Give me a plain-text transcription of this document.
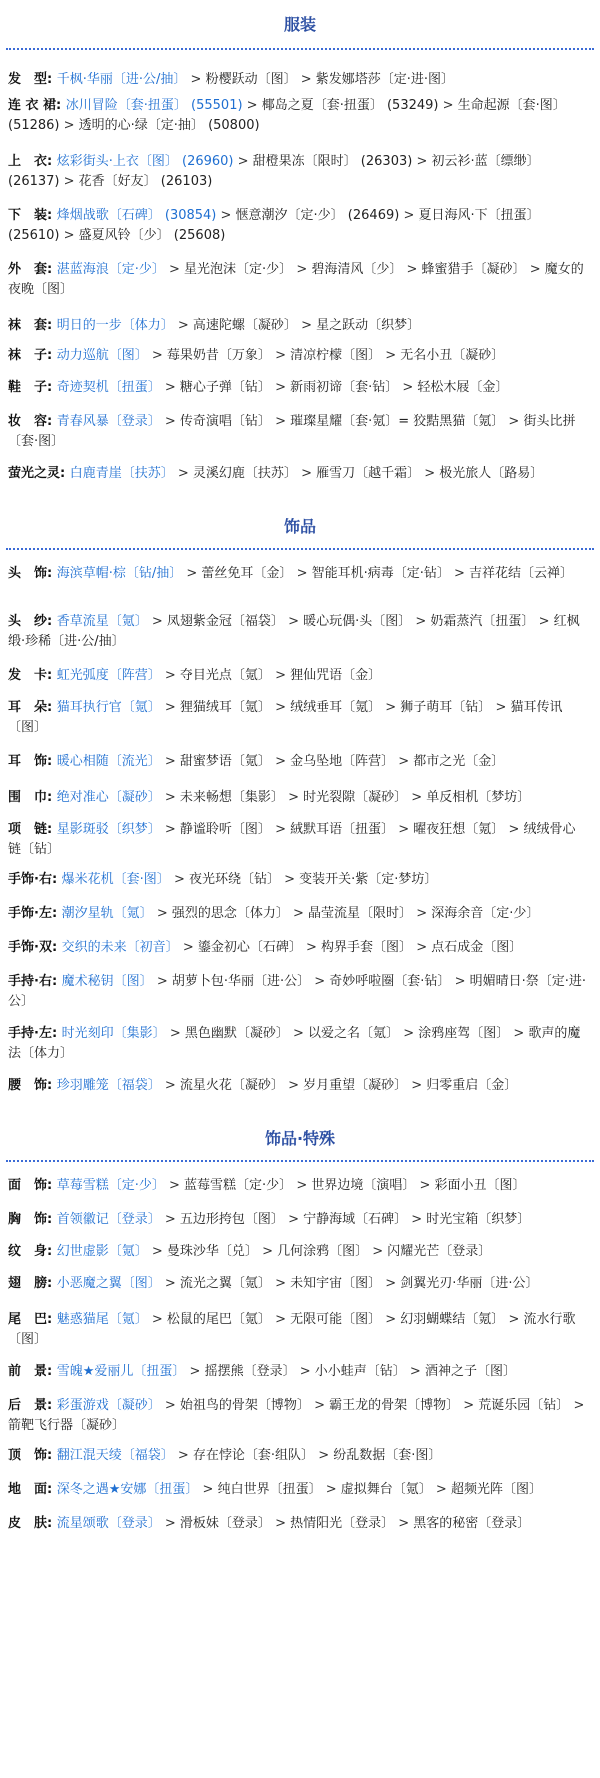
服装
发　型: 千枫·华丽〔进·公/抽〕 > 粉樱跃动〔图〕 > 紫发娜塔莎〔定·进·图〕
连 衣 裙: 冰川冒险〔套·扭蛋〕 (55501) > 椰岛之夏〔套·扭蛋〕 (53249) > 生命起源〔套·图〕 (51286) > 透明的心·绿〔定·抽〕 (50800)
上　衣: 炫彩街头·上衣〔图〕 (26960) > 甜橙果冻〔限时〕 (26303) > 初云衫·蓝〔缥缈〕 (26137) > 花香〔好友〕 (26103)
下　装: 烽烟战歌〔石碑〕 (30854) > 惬意潮汐〔定·少〕 (26469) > 夏日海风·下〔扭蛋〕 (25610) > 盛夏风铃〔少〕 (25608)
外　套: 湛蓝海浪〔定·少〕 > 星光泡沫〔定·少〕 > 碧海清风〔少〕 > 蜂蜜猎手〔凝砂〕 > 魔女的夜晚〔图〕
袜　套: 明日的一步〔体力〕 > 高速陀螺〔凝砂〕 > 星之跃动〔织梦〕
袜　子: 动力巡航〔图〕 > 莓果奶昔〔万象〕 > 清凉柠檬〔图〕 > 无名小丑〔凝砂〕
鞋　子: 奇迹契机〔扭蛋〕 > 糖心子弹〔钻〕 > 新雨初谛〔套·钻〕 > 轻松木屐〔金〕
妆　容: 青春风暴〔登录〕 > 传奇演唱〔钻〕 > 璀璨星耀〔套·氪〕= 狡黠黑猫〔氪〕 > 街头比拼〔套·图〕
萤光之灵: 白鹿青崖〔扶苏〕 > 灵溪幻鹿〔扶苏〕 > 雁雪刀〔越千霜〕 > 极光旅人〔路易〕
饰品
头　饰: 海滨草帽·棕〔钻/抽〕 > 蕾丝免耳〔金〕 > 智能耳机·病毒〔定·钻〕 > 吉祥花结〔云禅〕
头　纱: 香草流星〔氪〕 > 凤翅紫金冠〔福袋〕 > 暖心玩偶·头〔图〕 > 奶霜蒸汽〔扭蛋〕 > 红枫缎·珍稀〔进·公/抽〕
发　卡: 虹光弧度〔阵营〕 > 夺目光点〔氪〕 > 狸仙咒语〔金〕
耳　朵: 猫耳执行官〔氪〕 > 狸猫绒耳〔氪〕 > 绒绒垂耳〔氪〕 > 狮子萌耳〔钻〕 > 猫耳传讯〔图〕
耳　饰: 暖心相随〔流光〕 > 甜蜜梦语〔氪〕 > 金乌坠地〔阵营〕 > 都市之光〔金〕
围　巾: 绝对准心〔凝砂〕 > 未来畅想〔集影〕 > 时光裂隙〔凝砂〕 > 单反相机〔梦坊〕
项　链: 星影斑驳〔织梦〕 > 静谧聆听〔图〕 > 絨默耳语〔扭蛋〕 > 曜夜狂想〔氪〕 > 绒绒骨心链〔钻〕
手饰·右: 爆米花机〔套·图〕 > 夜光环绕〔钻〕 > 变装开关·紫〔定·梦坊〕
手饰·左: 潮汐星轨〔氪〕 > 强烈的思念〔体力〕 > 晶莹流星〔限时〕 > 深海余音〔定·少〕
手饰·双: 交织的未来〔初音〕 > 鎏金初心〔石碑〕 > 构界手套〔图〕 > 点石成金〔图〕
手持·右: 魔术秘钥〔图〕 > 胡萝卜包·华丽〔进·公〕 > 奇妙呼啦圈〔套·钻〕 > 明媚晴日·祭〔定·进·公〕
手持·左: 时光刻印〔集影〕 > 黑色幽默〔凝砂〕 > 以爱之名〔氪〕 > 涂鸦座驾〔图〕 > 歌声的魔法〔体力〕
腰　饰: 珍羽雕笼〔福袋〕 > 流星火花〔凝砂〕 > 岁月重望〔凝砂〕 > 归零重启〔金〕
饰品·特殊
面　饰: 草莓雪糕〔定·少〕 > 蓝莓雪糕〔定·少〕 > 世界边境〔演唱〕 > 彩面小丑〔图〕
胸　饰: 首领徽记〔登录〕 > 五边形挎包〔图〕 > 宁静海域〔石碑〕 > 时光宝箱〔织梦〕
纹　身: 幻世虚影〔氪〕 > 曼珠沙华〔兑〕 > 几何涂鸦〔图〕 > 闪耀光芒〔登录〕
翅　膀: 小恶魔之翼〔图〕 > 流光之翼〔氪〕 > 未知宇宙〔图〕 > 剑翼光刃·华丽〔进·公〕
尾　巴: 魅惑猫尾〔氪〕 > 松鼠的尾巴〔氪〕 > 无限可能〔图〕 > 幻羽蝴蝶结〔氪〕 > 流水行歌〔图〕
前　景: 雪魄★爱丽儿〔扭蛋〕 > 摇摆熊〔登录〕 > 小小蛙声〔钻〕 > 酒神之子〔图〕
后　景: 彩蛋游戏〔凝砂〕 > 始祖鸟的骨架〔博物〕 > 霸王龙的骨架〔博物〕 > 荒诞乐园〔钻〕 > 箭靶飞行器〔凝砂〕
顶　饰: 翻江混天绫〔福袋〕 > 存在悖论〔套·组队〕 > 纷乱数据〔套·图〕
地　面: 深冬之遇★安娜〔扭蛋〕 > 纯白世界〔扭蛋〕 > 虚拟舞台〔氪〕 > 超频光阵〔图〕
皮　肤: 流星颂歌〔登录〕 > 滑板妹〔登录〕 > 热情阳光〔登录〕 > 黑客的秘密〔登录〕
